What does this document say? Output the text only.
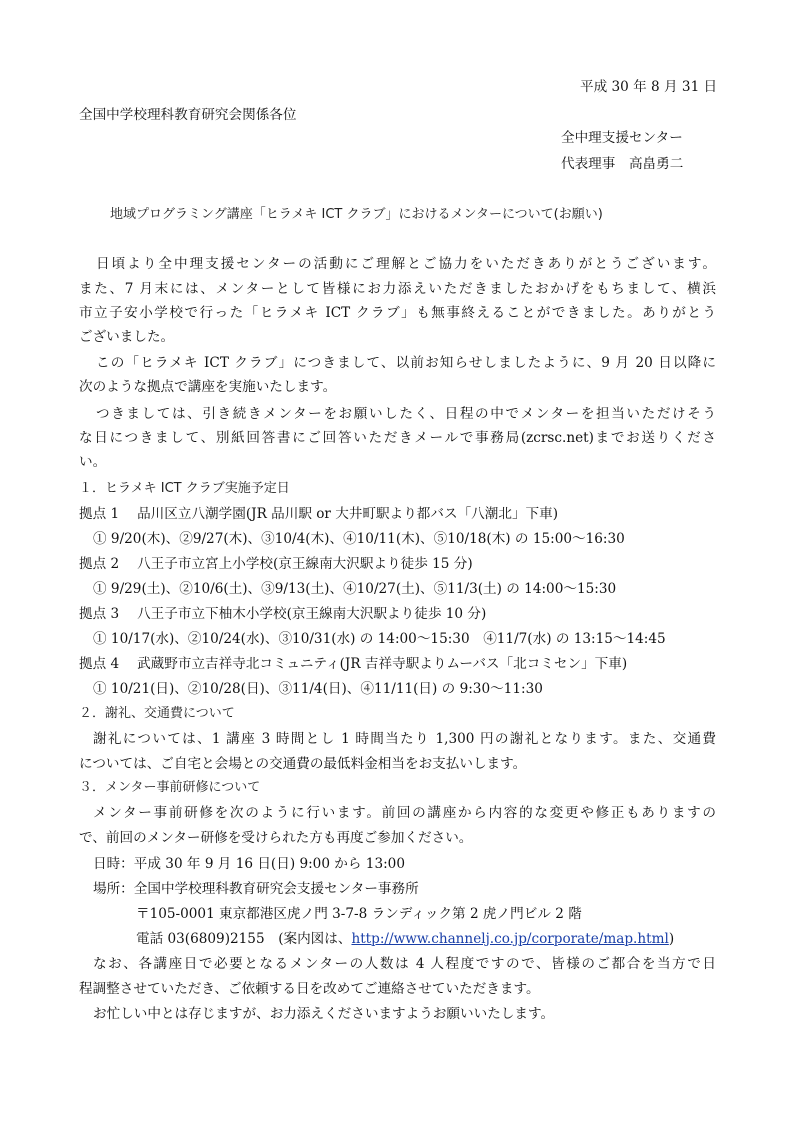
平成 30 年 8 月 31 日
全国中学校理科教育研究会関係各位
全中理支援センター
代表理事　高畠勇二
地域プログラミング講座「ヒラメキ ICT クラブ」におけるメンターについて(お願い)
日頃より全中理支援センターの活動にご理解とご協力をいただきありがとうございます。
また、7 月末には、メンターとして皆様にお力添えいただきましたおかげをもちまして、横浜
市立子安小学校で行った「ヒラメキ ICT クラブ」も無事終えることができました。ありがとう
ございました。
この「ヒラメキ ICT クラブ」につきまして、以前お知らせしましたように、9 月 20 日以降に
次のような拠点で講座を実施いたします。
つきましては、引き続きメンターをお願いしたく、日程の中でメンターを担当いただけそう
な日につきまして、別紙回答書にご回答いただきメールで事務局(zcrsc.net)までお送りくださ
い。
１．ヒラメキ ICT クラブ実施予定日
拠点 1　 品川区立八潮学園(JR 品川駅 or 大井町駅より都バス「八潮北」下車)
① 9/20(木)、②9/27(木)、③10/4(木)、④10/11(木)、⑤10/18(木) の 15:00～16:30
拠点 2　 八王子市立宮上小学校(京王線南大沢駅より徒歩 15 分)
① 9/29(土)、②10/6(土)、③9/13(土)、④10/27(土)、⑤11/3(土) の 14:00～15:30
拠点 3　 八王子市立下柚木小学校(京王線南大沢駅より徒歩 10 分)
① 10/17(水)、②10/24(水)、③10/31(水) の 14:00～15:30　④11/7(水) の 13:15～14:45
拠点 4　 武蔵野市立吉祥寺北コミュニティ(JR 吉祥寺駅よりムーバス「北コミセン」下車)
① 10/21(日)、②10/28(日)、③11/4(日)、④11/11(日) の 9:30～11:30
２．謝礼、交通費について
謝礼については、1 講座 3 時間とし 1 時間当たり 1,300 円の謝礼となります。また、交通費
については、ご自宅と会場との交通費の最低料金相当をお支払いします。
３．メンター事前研修について
メンター事前研修を次のように行います。前回の講座から内容的な変更や修正もありますの
で、前回のメンター研修を受けられた方も再度ご参加ください。
日時：平成 30 年 9 月 16 日(日) 9:00 から 13:00
場所：全国中学校理科教育研究会支援センター事務所
〒105-0001 東京都港区虎ノ門 3-7-8 ランディック第 2 虎ノ門ビル 2 階
電話 03(6809)2155　(案内図は、http://www.channelj.co.jp/corporate/map.html)
なお、各講座日で必要となるメンターの人数は 4 人程度ですので、皆様のご都合を当方で日
程調整させていただき、ご依頼する日を改めてご連絡させていただきます。
お忙しい中とは存じますが、お力添えくださいますようお願いいたします。
